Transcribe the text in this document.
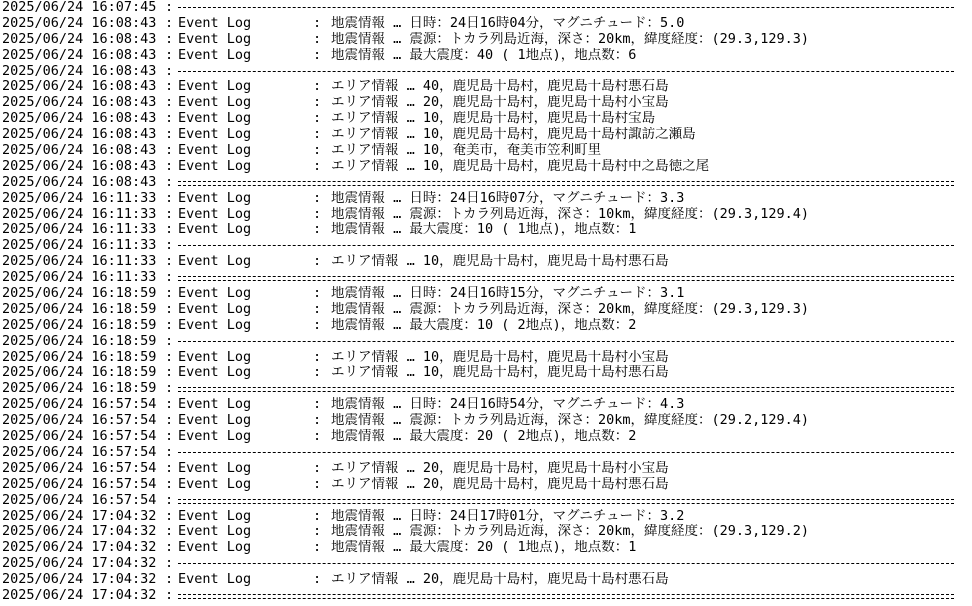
2025/06/24 16:07:45 :
2025/06/24 16:08:43 : Event Log	: 地震情報 … 日時：24日16時04分，マグニチュード：5.0
2025/06/24 16:08:43 : Event Log	: 地震情報 … 震源：トカラ列島近海，深さ：20km，緯度経度：(29.3,129.3)
2025/06/24 16:08:43 : Event Log	: 地震情報 … 最大震度：40 ( 1地点)，地点数：6
2025/06/24 16:08:43 :
2025/06/24 16:08:43 : Event Log	: エリア情報 … 40，鹿児島十島村，鹿児島十島村悪石島
2025/06/24 16:08:43 : Event Log	: エリア情報 … 20，鹿児島十島村，鹿児島十島村小宝島
2025/06/24 16:08:43 : Event Log	: エリア情報 … 10，鹿児島十島村，鹿児島十島村宝島
2025/06/24 16:08:43 : Event Log	: エリア情報 … 10，鹿児島十島村，鹿児島十島村諏訪之瀬島
2025/06/24 16:08:43 : Event Log	: エリア情報 … 10，奄美市，奄美市笠利町里
2025/06/24 16:08:43 : Event Log	: エリア情報 … 10，鹿児島十島村，鹿児島十島村中之島徳之尾
2025/06/24 16:08:43 :
2025/06/24 16:11:33 : Event Log	: 地震情報 … 日時：24日16時07分，マグニチュード：3.3
2025/06/24 16:11:33 : Event Log	: 地震情報 … 震源：トカラ列島近海，深さ：10km，緯度経度：(29.3,129.4)
2025/06/24 16:11:33 : Event Log	: 地震情報 … 最大震度：10 ( 1地点)，地点数：1
2025/06/24 16:11:33 :
2025/06/24 16:11:33 : Event Log	: エリア情報 … 10，鹿児島十島村，鹿児島十島村悪石島
2025/06/24 16:11:33 :
2025/06/24 16:18:59 : Event Log	: 地震情報 … 日時：24日16時15分，マグニチュード：3.1
2025/06/24 16:18:59 : Event Log	: 地震情報 … 震源：トカラ列島近海，深さ：20km，緯度経度：(29.3,129.3)
2025/06/24 16:18:59 : Event Log	: 地震情報 … 最大震度：10 ( 2地点)，地点数：2
2025/06/24 16:18:59 :
2025/06/24 16:18:59 : Event Log	: エリア情報 … 10，鹿児島十島村，鹿児島十島村小宝島
2025/06/24 16:18:59 : Event Log	: エリア情報 … 10，鹿児島十島村，鹿児島十島村悪石島
2025/06/24 16:18:59 :
2025/06/24 16:57:54 : Event Log	: 地震情報 … 日時：24日16時54分，マグニチュード：4.3
2025/06/24 16:57:54 : Event Log	: 地震情報 … 震源：トカラ列島近海，深さ：20km，緯度経度：(29.2,129.4)
2025/06/24 16:57:54 : Event Log	: 地震情報 … 最大震度：20 ( 2地点)，地点数：2
2025/06/24 16:57:54 :
2025/06/24 16:57:54 : Event Log	: エリア情報 … 20，鹿児島十島村，鹿児島十島村小宝島
2025/06/24 16:57:54 : Event Log	: エリア情報 … 20，鹿児島十島村，鹿児島十島村悪石島
2025/06/24 16:57:54 :
2025/06/24 17:04:32 : Event Log	: 地震情報 … 日時：24日17時01分，マグニチュード：3.2
2025/06/24 17:04:32 : Event Log	: 地震情報 … 震源：トカラ列島近海，深さ：20km，緯度経度：(29.3,129.2)
2025/06/24 17:04:32 : Event Log	: 地震情報 … 最大震度：20 ( 1地点)，地点数：1
2025/06/24 17:04:32 :
2025/06/24 17:04:32 : Event Log	: エリア情報 … 20，鹿児島十島村，鹿児島十島村悪石島
2025/06/24 17:04:32 :
